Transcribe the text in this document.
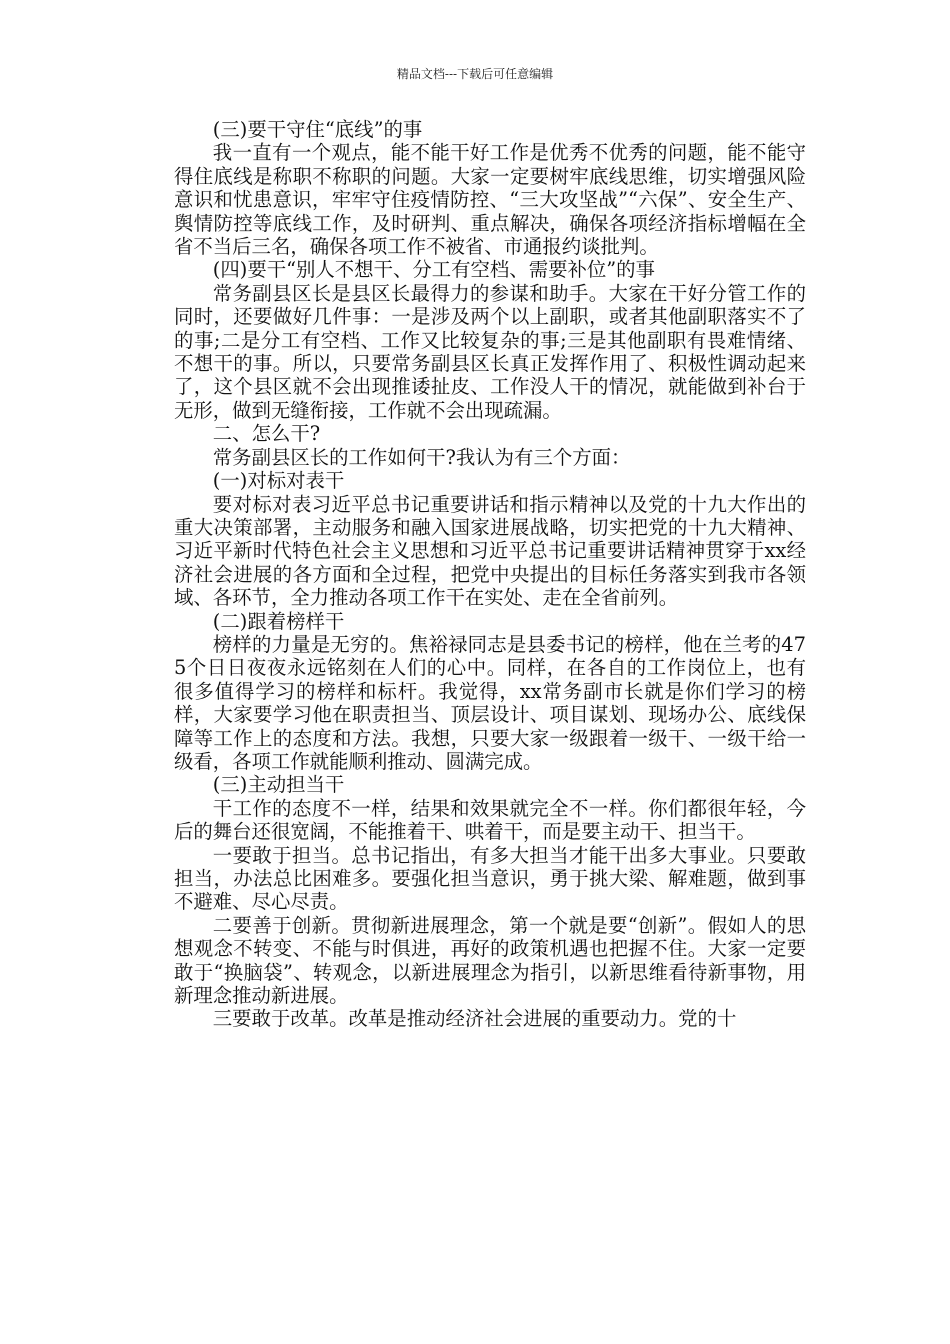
精品文档---下载后可任意编辑

(三)要干守住“底线”的事

我一直有一个观点，能不能干好工作是优秀不优秀的问题，能不能守得住底线是称职不称职的问题。大家一定要树牢底线思维，切实增强风险意识和忧患意识，牢牢守住疫情防控、“三大攻坚战”“六保”、安全生产、舆情防控等底线工作，及时研判、重点解决，确保各项经济指标增幅在全省不当后三名，确保各项工作不被省、市通报约谈批判。

(四)要干“别人不想干、分工有空档、需要补位”的事

常务副县区长是县区长最得力的参谋和助手。大家在干好分管工作的同时，还要做好几件事：一是涉及两个以上副职，或者其他副职落实不了的事;二是分工有空档、工作又比较复杂的事;三是其他副职有畏难情绪、不想干的事。所以，只要常务副县区长真正发挥作用了、积极性调动起来了，这个县区就不会出现推诿扯皮、工作没人干的情况，就能做到补台于无形，做到无缝衔接，工作就不会出现疏漏。

二、怎么干?

常务副县区长的工作如何干?我认为有三个方面：

(一)对标对表干

要对标对表习近平总书记重要讲话和指示精神以及党的十九大作出的重大决策部署，主动服务和融入国家进展战略，切实把党的十九大精神、习近平新时代特色社会主义思想和习近平总书记重要讲话精神贯穿于xx经济社会进展的各方面和全过程，把党中央提出的目标任务落实到我市各领域、各环节，全力推动各项工作干在实处、走在全省前列。

(二)跟着榜样干

榜样的力量是无穷的。焦裕禄同志是县委书记的榜样，他在兰考的475个日日夜夜永远铭刻在人们的心中。同样，在各自的工作岗位上，也有很多值得学习的榜样和标杆。我觉得，xx常务副市长就是你们学习的榜样，大家要学习他在职责担当、顶层设计、项目谋划、现场办公、底线保障等工作上的态度和方法。我想，只要大家一级跟着一级干、一级干给一级看，各项工作就能顺利推动、圆满完成。

(三)主动担当干

干工作的态度不一样，结果和效果就完全不一样。你们都很年轻，今后的舞台还很宽阔，不能推着干、哄着干，而是要主动干、担当干。

一要敢于担当。总书记指出，有多大担当才能干出多大事业。只要敢担当，办法总比困难多。要强化担当意识，勇于挑大梁、解难题，做到事不避难、尽心尽责。

二要善于创新。贯彻新进展理念，第一个就是要“创新”。假如人的思想观念不转变、不能与时俱进，再好的政策机遇也把握不住。大家一定要敢于“换脑袋”、转观念，以新进展理念为指引，以新思维看待新事物，用新理念推动新进展。

三要敢于改革。改革是推动经济社会进展的重要动力。党的十
